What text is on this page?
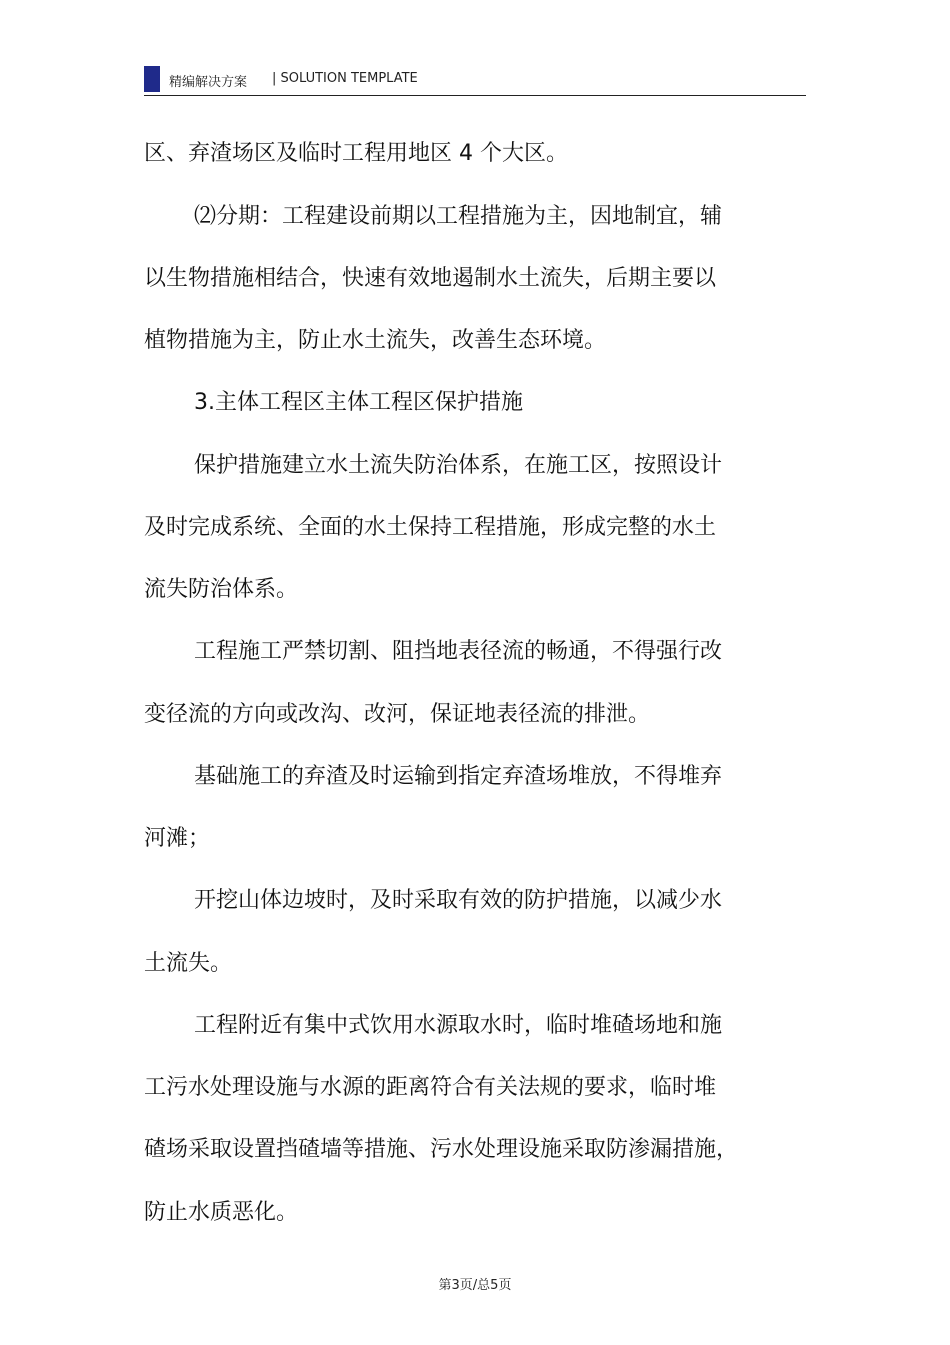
精编解决方案 | SOLUTION TEMPLATE
区、弃渣场区及临时工程用地区 4 个大区。
⑵分期：工程建设前期以工程措施为主，因地制宜，辅
以生物措施相结合，快速有效地遏制水土流失，后期主要以
植物措施为主，防止水土流失，改善生态环境。
3.主体工程区主体工程区保护措施
保护措施建立水土流失防治体系，在施工区，按照设计
及时完成系统、全面的水土保持工程措施，形成完整的水土
流失防治体系。
工程施工严禁切割、阻挡地表径流的畅通，不得强行改
变径流的方向或改沟、改河，保证地表径流的排泄。
基础施工的弃渣及时运输到指定弃渣场堆放，不得堆弃
河滩；
开挖山体边坡时，及时采取有效的防护措施，以减少水
土流失。
工程附近有集中式饮用水源取水时，临时堆碴场地和施
工污水处理设施与水源的距离符合有关法规的要求，临时堆
碴场采取设置挡碴墙等措施、污水处理设施采取防渗漏措施，
防止水质恶化。
第3页/总5页
